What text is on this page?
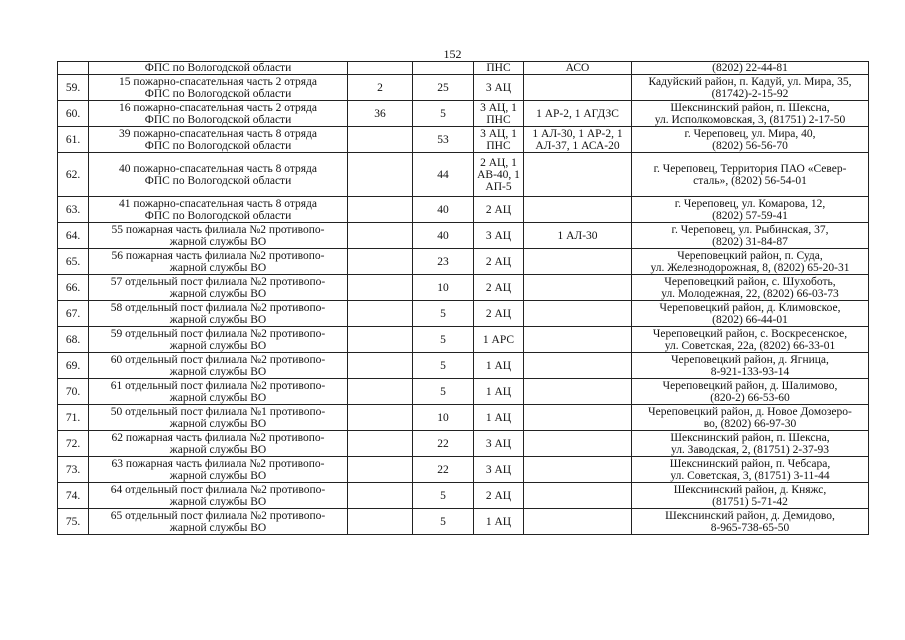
152
	ФПС по Вологодской области			ПНС	АСО	(8202) 22-44-81

59.	15 пожарно-спасательная часть 2 отряда
ФПС по Вологодской области	2	25	3 АЦ		Кадуйский район, п. Кадуй, ул. Мира, 35,
(81742)-2-15-92

60.	16 пожарно-спасательная часть 2 отряда
ФПС по Вологодской области	36	5	3 АЦ, 1
ПНС	1 АР-2, 1 АГДЗС	Шекснинский район, п. Шексна,
ул. Исполкомовская, 3, (81751) 2-17-50

61.	39 пожарно-спасательная часть 8 отряда
ФПС по Вологодской области		53	3 АЦ, 1
ПНС	1 АЛ-30, 1 АР-2, 1
АЛ-37, 1 АСА-20	г. Череповец, ул. Мира, 40,
(8202) 56-56-70

62.	40 пожарно-спасательная часть 8 отряда
ФПС по Вологодской области		44	2 АЦ, 1
АВ-40, 1
АП-5		г. Череповец, Территория ПАО «Север-
сталь», (8202) 56-54-01

63.	41 пожарно-спасательная часть 8 отряда
ФПС по Вологодской области		40	2 АЦ		г. Череповец, ул. Комарова, 12,
(8202) 57-59-41

64.	55 пожарная часть филиала №2 противопо-
жарной службы ВО		40	3 АЦ	1 АЛ-30	г. Череповец, ул. Рыбинская, 37,
(8202) 31-84-87

65.	56 пожарная часть филиала №2 противопо-
жарной службы ВО		23	2 АЦ		Череповецкий район, п. Суда,
ул. Железнодорожная, 8, (8202) 65-20-31

66.	57 отдельный пост филиала №2 противопо-
жарной службы ВО		10	2 АЦ		Череповецкий район, с. Шухоботь,
ул. Молодежная, 22, (8202) 66-03-73

67.	58 отдельный пост филиала №2 противопо-
жарной службы ВО		5	2 АЦ		Череповецкий район, д. Климовское,
(8202) 66-44-01

68.	59 отдельный пост филиала №2 противопо-
жарной службы ВО		5	1 АРС		Череповецкий район, с. Воскресенское,
ул. Советская, 22а, (8202) 66-33-01

69.	60 отдельный пост филиала №2 противопо-
жарной службы ВО		5	1 АЦ		Череповецкий район, д. Ягница,
8-921-133-93-14

70.	61 отдельный пост филиала №2 противопо-
жарной службы ВО		5	1 АЦ		Череповецкий район, д. Шалимово,
(820-2) 66-53-60

71.	50 отдельный пост филиала №1 противопо-
жарной службы ВО		10	1 АЦ		Череповецкий район, д. Новое Домозеро-
во, (8202) 66-97-30

72.	62 пожарная часть филиала №2 противопо-
жарной службы ВО		22	3 АЦ		Шекснинский район, п. Шексна,
ул. Заводская, 2, (81751) 2-37-93

73.	63 пожарная часть филиала №2 противопо-
жарной службы ВО		22	3 АЦ		Шекснинский район, п. Чебсара,
ул. Советская, 3, (81751) 3-11-44

74.	64 отдельный пост филиала №2 противопо-
жарной службы ВО		5	2 АЦ		Шекснинский район, д. Княжс,
(81751) 5-71-42

75.	65 отдельный пост филиала №2 противопо-
жарной службы ВО		5	1 АЦ		Шекснинский район, д. Демидово,
8-965-738-65-50
